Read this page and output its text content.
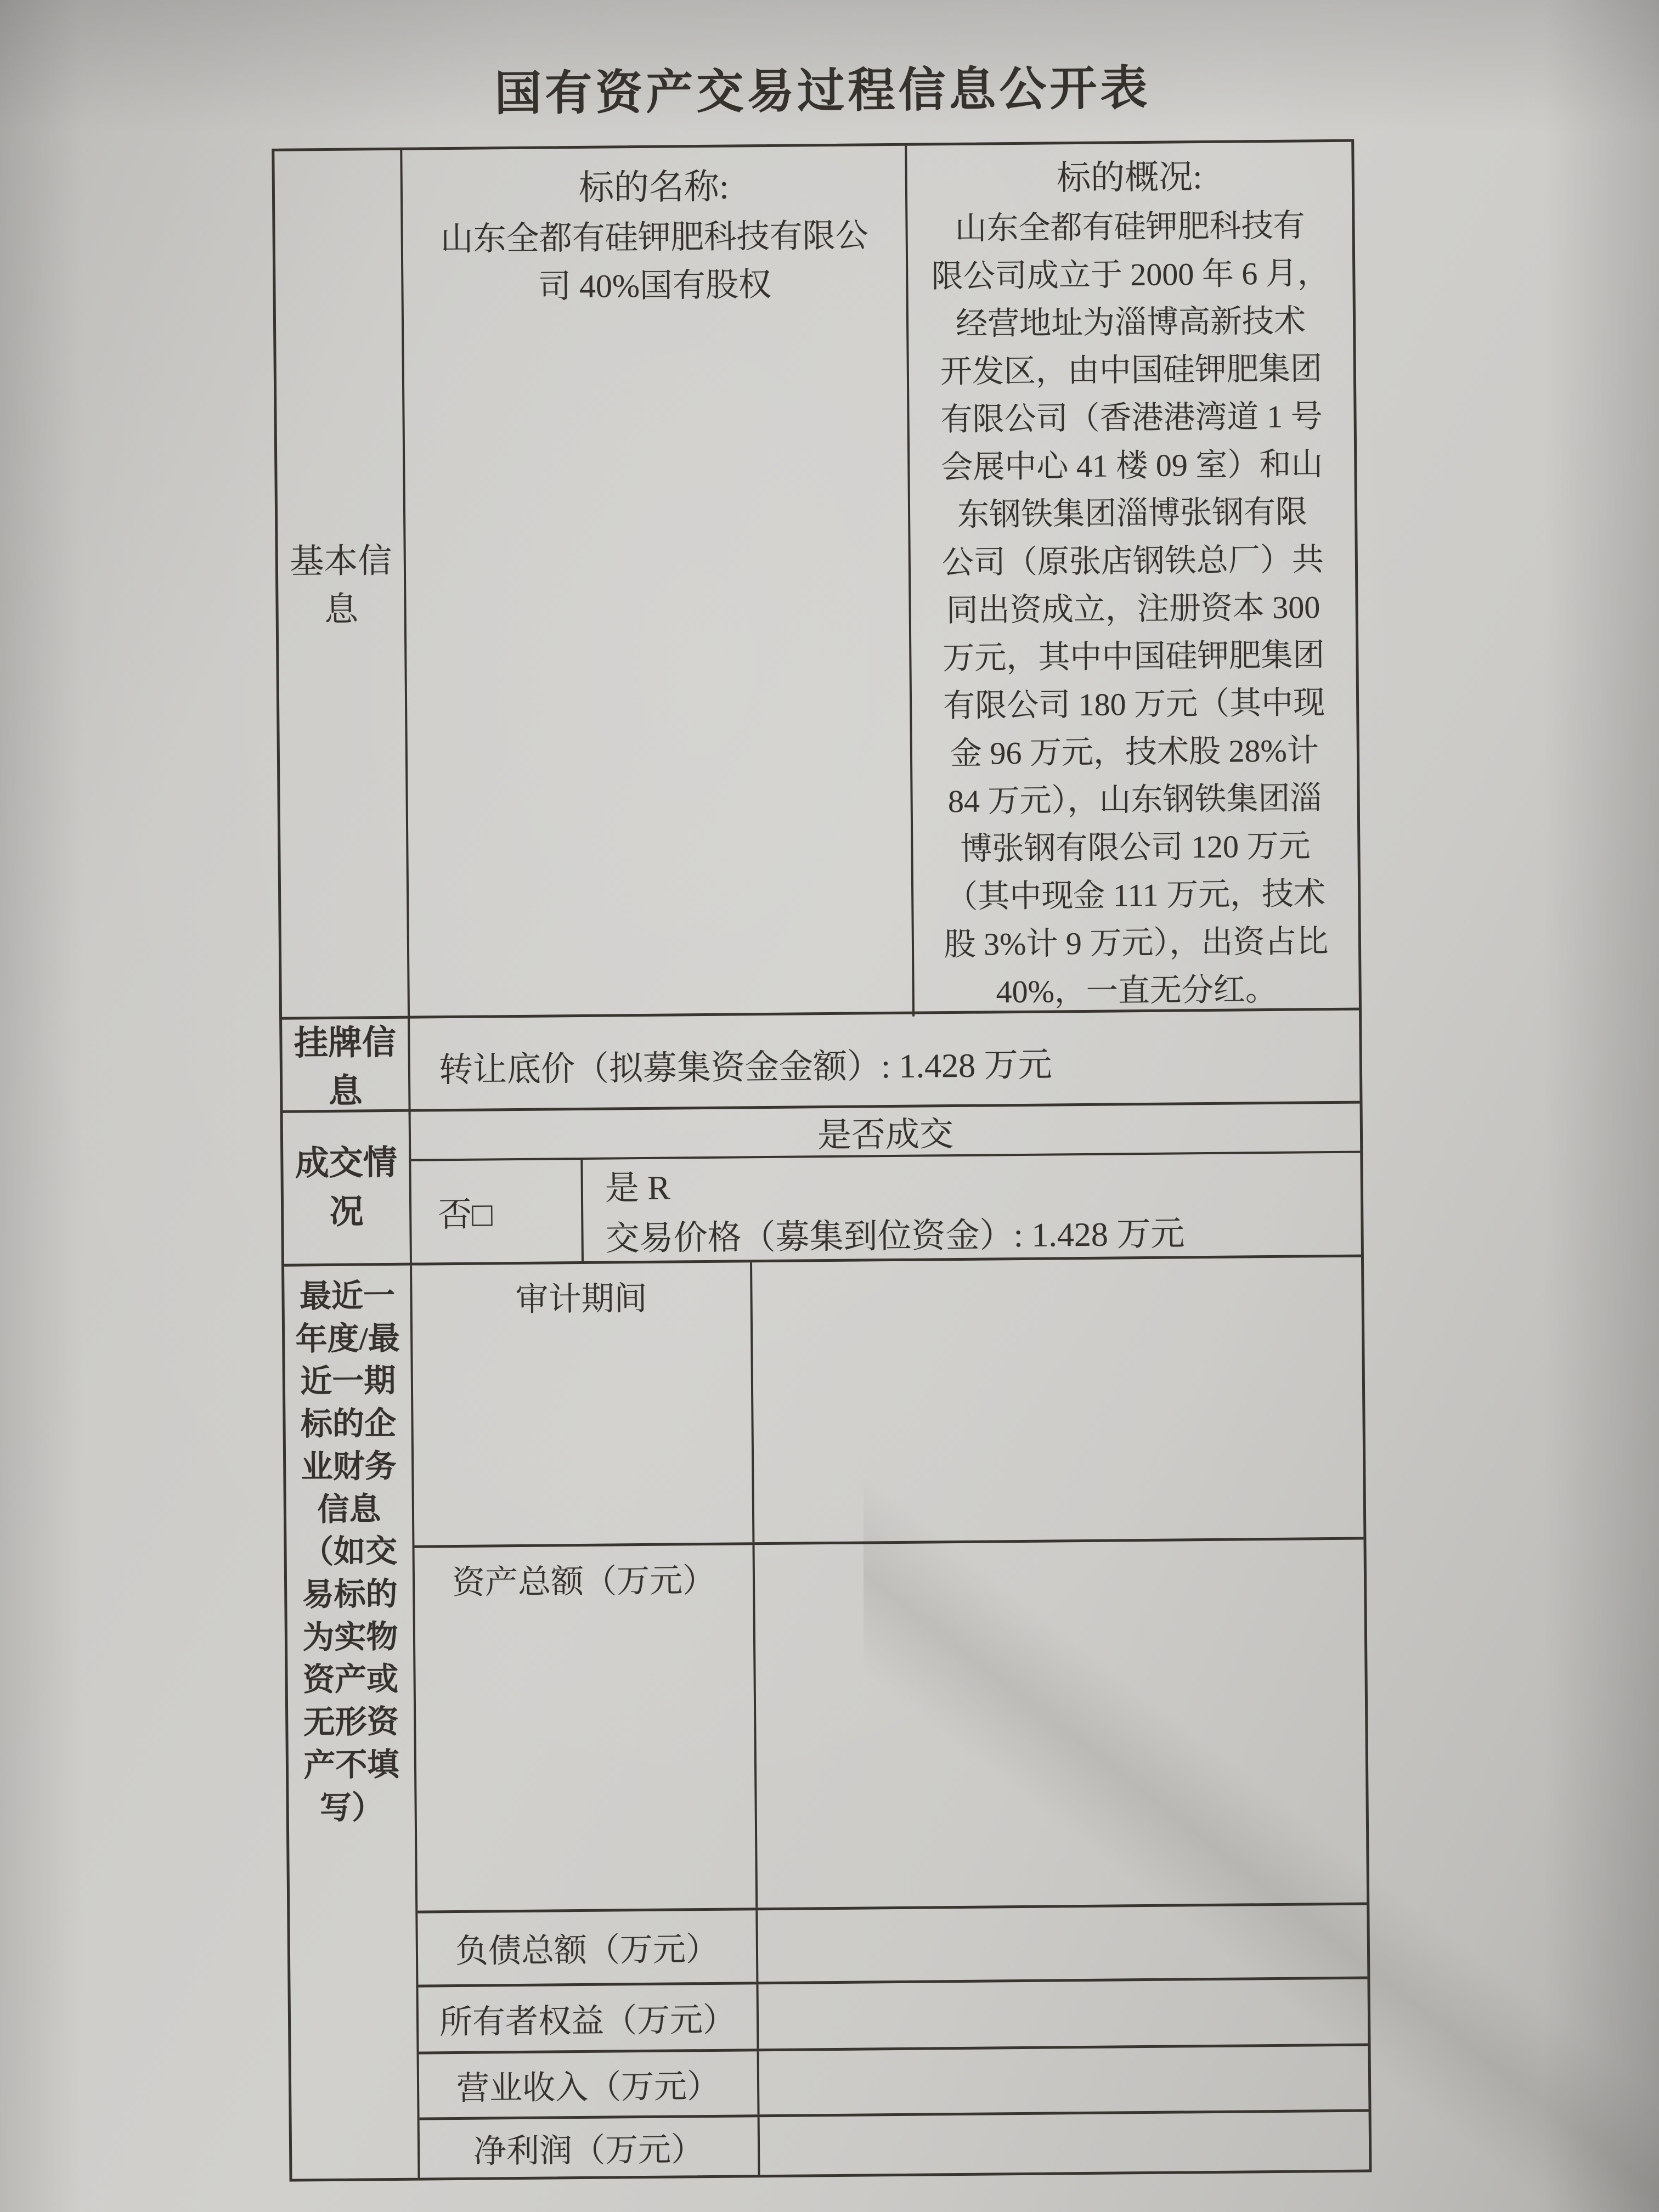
国有资产交易过程信息公开表
基本信
息
标的名称:
山东全都有硅钾肥科技有限公
司 40%国有股权
标的概况:
山东全都有硅钾肥科技有
限公司成立于 2000 年 6 月，
经营地址为淄博高新技术
开发区，由中国硅钾肥集团
有限公司（香港港湾道 1 号
会展中心 41 楼 09 室）和山
东钢铁集团淄博张钢有限
公司（原张店钢铁总厂）共
同出资成立，注册资本 300
万元，其中中国硅钾肥集团
有限公司 180 万元（其中现
金 96 万元，技术股 28%计
84 万元），山东钢铁集团淄
博张钢有限公司 120 万元
（其中现金 111 万元，技术
股 3%计 9 万元），出资占比
40%，一直无分红。
挂牌信
息
转让底价（拟募集资金金额）: 1.428 万元
成交情
况
是否成交
否□
是 R
交易价格（募集到位资金）: 1.428 万元
最近一
年度/最
近一期
标的企
业财务
信息
（如交
易标的
为实物
资产或
无形资
产不填
写）
审计期间
资产总额（万元）
负债总额（万元）
所有者权益（万元）
营业收入（万元）
净利润（万元）
